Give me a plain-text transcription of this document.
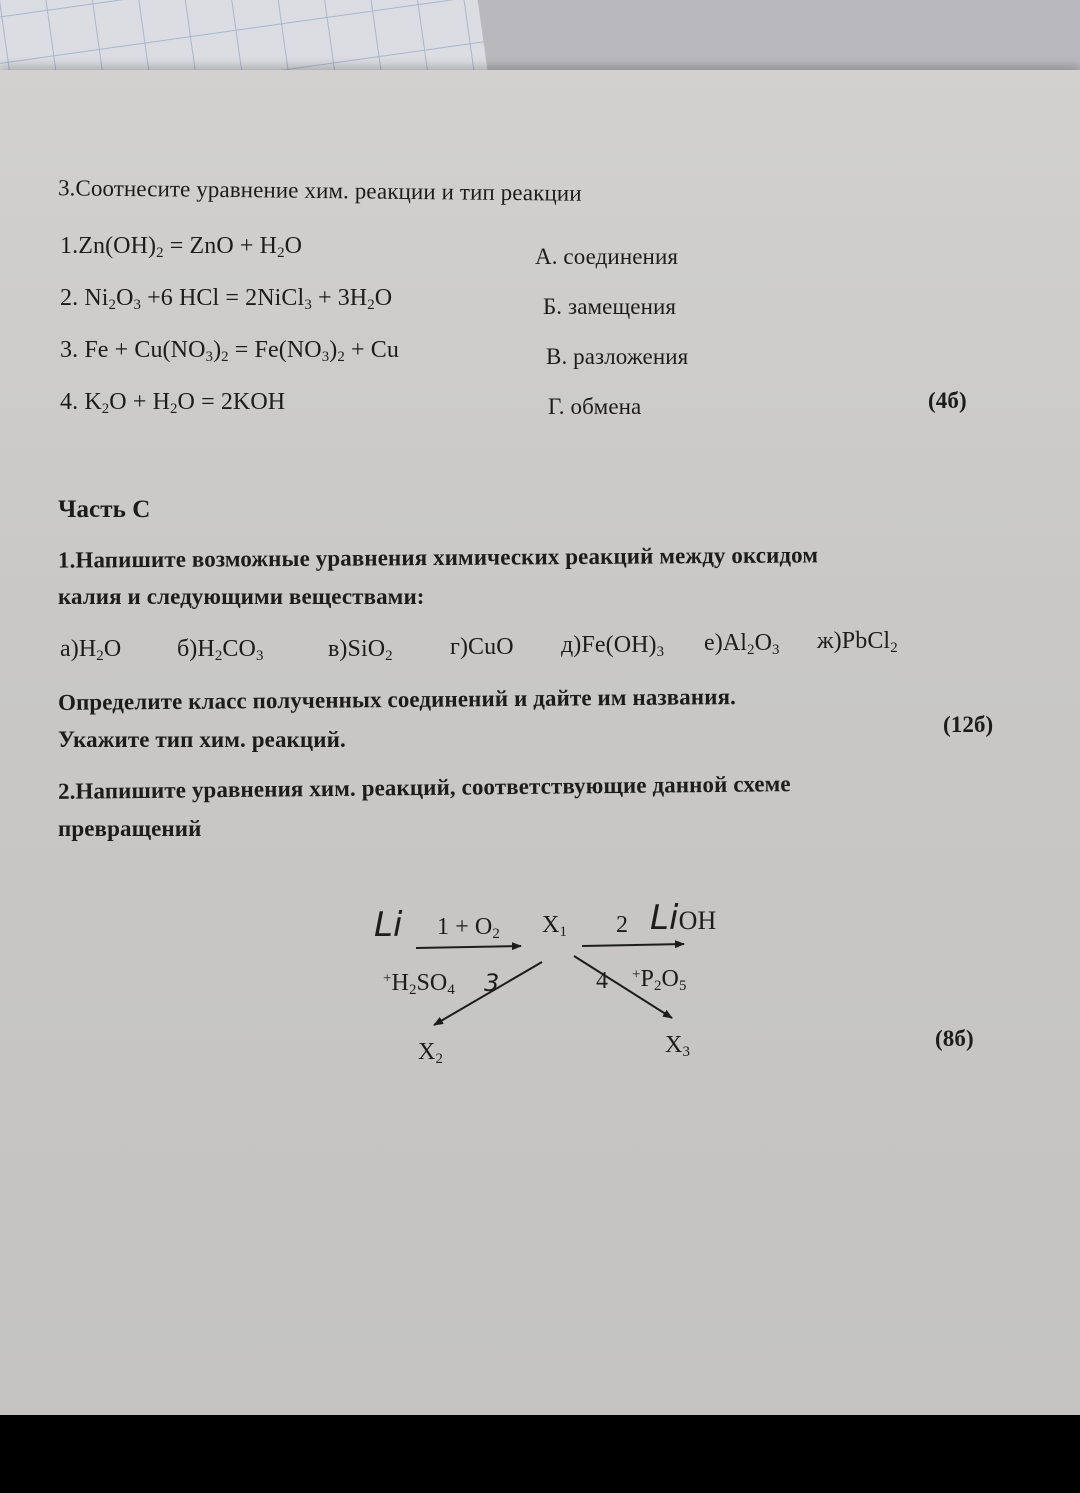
3.Соотнесите уравнение хим. реакции и тип реакции
$1.Zn(OH)_2$ = ZnO + $H_2O$
2. $Ni_2O_3 +6$ HCl = 2NiCl$_3$ + $3H_2O$
3. $Fe + Cu(NO_3)_2 = Fe(NO_3)_2 + Cu$
4. $K_2O + H_2O = 2KOH$
А. соединения
Б. замещения
В. разложения
Г. обмена	(4б)
Часть С
1.Напишите возможные уравнения химических реакций между оксидом
калия и следующими веществами:
$а)H_2O$ $б)H_2CO_3$	в)SiO$_2$ г)CuO $д)Fe(OH)_3$ $е)Al_2O_3$ ж)PbCl$_2$
Определите класс полученных соединений и дайте им названия.
Укажите тип хим. реакций.
(12б)
2.Напишите уравнения хим. реакций, соответствующие данной схеме
превращений
Li $1 + O_2$ $X_1$ 2 LiOH
$^+H_2SO_4$ 3	4 $^+P_2O_5$
$X_2$
$X_3$
(8б)
